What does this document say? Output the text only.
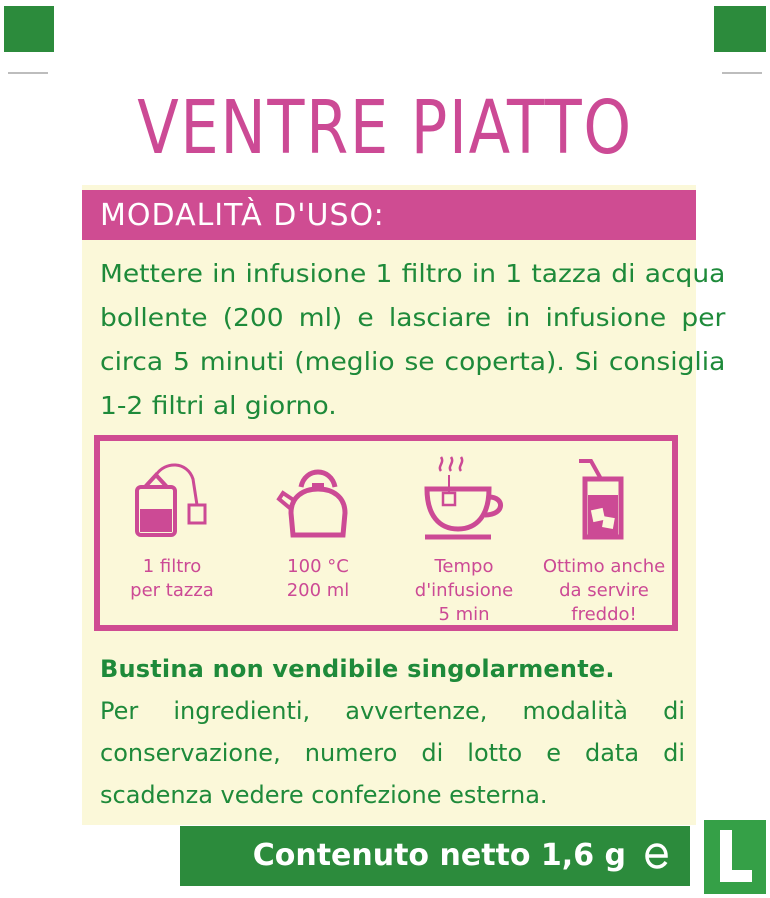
VENTRE PIATTO
MODALITÀ D'USO:
Mettere in infusione 1 filtro in 1 tazza di acqua bollente (200 ml) e lasciare in infusione per circa 5 minuti (meglio se coperta). Si consiglia 1-2 filtri al giorno.
1 filtro
per tazza
100 °C
200 ml
Tempo
d'infusione
5 min
Ottimo anche
da servire
freddo!
Bustina non vendibile singolarmente.
Per ingredienti, avvertenze, modalità di conservazione, numero di lotto e data di scadenza vedere confezione esterna.
Contenuto netto 1,6 g
